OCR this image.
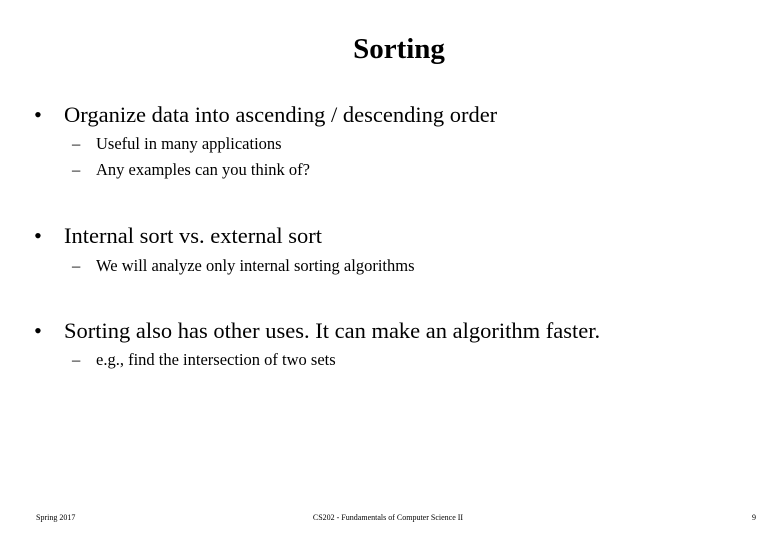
Sorting
• Organize data into ascending / descending order
– Useful in many applications
– Any examples can you think of?
• Internal sort vs. external sort
– We will analyze only internal sorting algorithms
• Sorting also has other uses. It can make an algorithm faster.
– e.g., find the intersection of two sets
Spring 2017	CS202 - Fundamentals of Computer Science II	9
